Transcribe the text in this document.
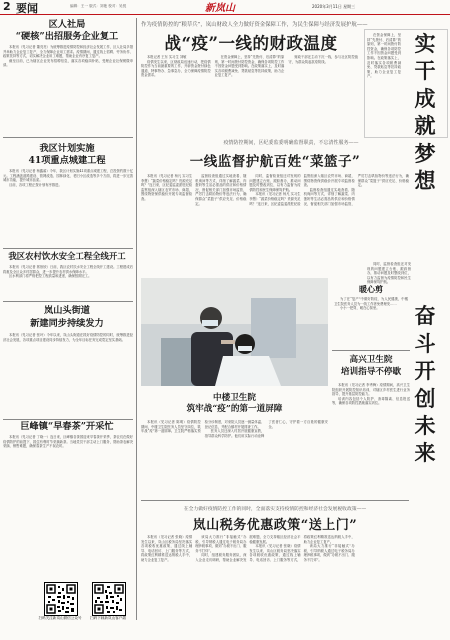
2 要闻	编辑：王一 版式：刘艳 校对：吴悦	新岚山	2020年3月11日 星期三
区人社局
“硬核”出招服务企业复工

本报讯（见习记者 董亮亮）为统筹推进疫情防控和经济社会发展工作，区人社局多措并举助力企业复工复产，全力保障企业用工需求。疫情期间，通过线上招聘、劳务协作、政策扶持等方式，切实解决企业用工难题，帮助企业有序复工复产。

截至目前，已为辖区企业发布招聘信息，落实各项稳岗补贴，受理企业社保缓缴申请。

我区计划实施
41项重点城建工程

本报讯（见习记者 杨鑫睿）今年，我区计划实施41项重点城建工程，总投资约数十亿元。工程涵盖道路建设、管网改造、园林绿化、老旧小区改造等多个方面，将进一步完善城市功能，提升城市品质。

目前，各项工程正按计划有序推进。

我区农村饮水安全工程全线开工

本报讯（见习记者 郭欣欣）日前，我区农村饮水安全工程全线开工建设。工程建成后将惠及全区众多村居群众，进一步提升农村供水保障水平。

区水利部门将严格把控工程质量和进度，确保按期完工。

岚山头街道
新建同步持续发力

本报讯（见习记者 张叶）今年以来，岚山头街道在抓好疫情防控的同时，统筹推进经济社会发展，各项重点项目建设同步持续发力，为全年目标任务完成奠定坚实基础。

巨峰镇“早春茶”开采忙

本报讯（见习记者 丁晓一）连日来，巨峰镇各茶园迎来早春茶开采季，茶农们在做好疫情防护的前提下，抓住有利时节采摘新茶。当地党员干部主动上门服务，帮助茶农解决采摘、销售难题，确保春茶生产不误农时。

扫码关注新岚山微信公众号	扫码下载新岚山客户端
作为疫情防控的“粮草兵”，岚山财政人全力做好资金保障工作，为民生保障与经济发展护航——
战“疫”一线的财政温度

本报记者 王东 实习生 刘敏

疫情发生以来，区财政局迅速行动，把疫情防控作为当前最重要的工作，开辟资金拨付绿色通道，特事特办、急事急办，全力保障疫情防控资金需求。

在资金保障上，坚持“先拨付、后清算”的原则，第一时间拨付防控资金，确保各项防控工作不因资金问题受到影响。在政策落实上，及时落实各项税费减免、贷款贴息等扶持政策，助力企业复工复产。

财政干部还主动下沉一线，参与社区防控值守，为群众筑起抗疫防线。

在资金保障上，坚持“先拨付、后清算”的原则，第一时间拨付防控资金，确保各项防控工作不因资金问题受到影响。在政策落实上，及时落实各项税费减免、贷款贴息等扶持政策，助力企业复工复产。

同时，监督检查组还对发现的问题建立台账、跟踪督办，推动问题及时整改到位，以有力监督为疫情防控和民生保障保驾护航。

实
干
成
就
梦
想
奋
斗
开
创
未
来
疫情防控期间，区纪委监委明确监督职责，不忘清性服务——
一线监督护航百姓“菜篮子”

本报讯（见习记者 杨凡 实习生 李慧）“蔬菜价格稳定吗？货源充足吗？”连日来，区纪委监委派驻纪检监察组深入辖区农贸市场、商超，围绕物资保供稳价开展专项监督检查。

监督检查组通过实地查看、随机询问等方式，详细了解蔬菜、肉蛋奶等生活必需品的供应和价格情况，督促相关部门加强市场监管，严厉打击哄抬物价等违法行为，确保群众“菜篮子”供应充足、价格稳定。

同时，监督检查组还对发现的问题建立台账、跟踪督办，推动问题及时整改到位，以有力监督为疫情防控和民生保障保驾护航。

本报讯（见习记者 杨凡 实习生 李慧）“蔬菜价格稳定吗？货源充足吗？”连日来，区纪委监委派驻纪检监察组深入辖区农贸市场、商超，围绕物资保供稳价开展专项监督检查。

监督检查组通过实地查看、随机询问等方式，详细了解蔬菜、肉蛋奶等生活必需品的供应和价格情况，督促相关部门加强市场监管，严厉打击哄抬物价等违法行为，确保群众“菜篮子”供应充足、价格稳定。

暖心剪

为了在“复产”中做好防疫，为人民健康，中楼卫生院医务人员为一线工作者免费理发……

小小一把剪，暖在心窝里。

高兴卫生院
培训指导不停歇

本报讯（见习记者 李秀梅）疫情期间，高兴卫生院组织开展防控知识培训，对辖区乡村医生进行业务指导，提升基层防控能力。

培训内容包括个人防护、消毒隔离、信息报送等，确保各项防控措施落实到位。

中楼卫生院
筑牢战“疫”的第一道屏障

本报讯（见习记者 陈明）疫情防控期间，中楼卫生院医务人员坚守岗位，筑牢战“疫”第一道屏障。卫生院严格落实预检分诊制度，对来院人员逐一测量体温、登记信息，并配合镇村开展排查工作。

医务人员还深入村居开展健康宣教，指导群众科学防护。他们用实际行动诠释了医者仁心，守护着一方百姓的健康安全。

在全力做好疫情防控工作的同时，全面落实支持疫情防控和经济社会发展税收政策——
岚山税务优惠政策“送上门”

本报讯（见习记者 张晓）疫情发生以来，岚山区税务局坚决落实各项税收优惠政策，通过线上辅导、电话回访、上门服务等方式，将政策红利精准送达纳税人手中，助力企业复工复产。

该局大力推行“非接触式”办税，引导纳税人通过电子税务局办理涉税事项，做到“办税不出门、服务不打烊”。

同时，组建税务服务团队，深入企业走访调研，帮助企业解决发展难题，全力支持辖区经济社会平稳健康发展。

本报讯（见习记者 张晓）疫情发生以来，岚山区税务局坚决落实各项税收优惠政策，通过线上辅导、电话回访、上门服务等方式，将政策红利精准送达纳税人手中，助力企业复工复产。

该局大力推行“非接触式”办税，引导纳税人通过电子税务局办理涉税事项，做到“办税不出门、服务不打烊”。
